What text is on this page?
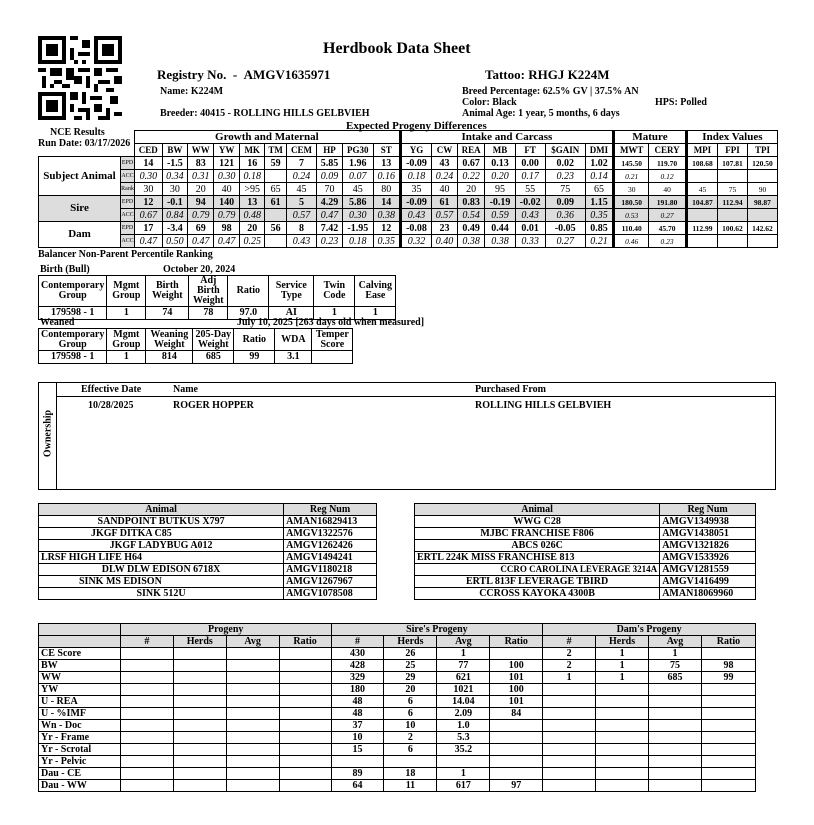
Herdbook Data Sheet
Registry No. - AMGV1635971
Name: K224M
Breeder: 40415 - ROLLING HILLS GELBVIEH
Tattoo: RHGJ K224M
Breed Percentage: 62.5% GV | 37.5% AN
Color: Black	HPS: Polled
Animal Age: 1 year, 5 months, 6 days
NCE Results
Run Date: 03/17/2026
Expected Progeny Differences
		Growth and Maternal										Intake and Carcass							Mature		Index Values		
		CED	BW	WW	YW	MK	TM	CEM	HP	PG30	ST	YG	CW	REA	MB	FT	$GAIN	DMI	MWT	CERY	MPI	FPI	TPI
Subject Animal	EPD	14	-1.5	83	121	16	59	7	5.85	1.96	13	-0.09	43	0.67	0.13	0.00	0.02	1.02	145.50	119.70	108.68	107.81	120.50
	ACC	0.30	0.34	0.31	0.30	0.18		0.24	0.09	0.07	0.16	0.18	0.24	0.22	0.20	0.17	0.23	0.14	0.21	0.12			
	Rank	30	30	20	40	>95	65	45	70	45	80	35	40	20	95	55	75	65	30	40	45	75	90
Sire	EPD	12	-0.1	94	140	13	61	5	4.29	5.86	14	-0.09	61	0.83	-0.19	-0.02	0.09	1.15	180.50	191.80	104.87	112.94	98.87
	ACC	0.67	0.84	0.79	0.79	0.48		0.57	0.47	0.30	0.38	0.43	0.57	0.54	0.59	0.43	0.36	0.35	0.53	0.27			
Dam	EPD	17	-3.4	69	98	20	56	8	7.42	-1.95	12	-0.08	23	0.49	0.44	0.01	-0.05	0.85	110.40	45.70	112.99	100.62	142.62
	ACC	0.47	0.50	0.47	0.47	0.25		0.43	0.23	0.18	0.35	0.32	0.40	0.38	0.38	0.33	0.27	0.21	0.46	0.23			
Balancer Non-Parent Percentile Ranking
Birth (Bull)	October 20, 2024
Contemporary Group	Mgmt Group	Birth Weight	Adj Birth Weight	Ratio	Service Type	Twin Code	Calving Ease
179598 - 1	1	74	78	97.0	AI	1	1
Weaned	July 10, 2025 [263 days old when measured]
Contemporary Group	Mgmt Group	Weaning Weight	205-Day Weight	Ratio	WDA	Temper Score
179598 - 1	1	814	685	99	3.1	
Ownership
Effective Date	Name	Purchased From
10/28/2025	ROGER HOPPER	ROLLING HILLS GELBVIEH
Animal	Reg Num
SANDPOINT BUTKUS X797	AMAN16829413
JKGF DITKA C85	AMGV1322576
JKGF LADYBUG A012	AMGV1262426
LRSF HIGH LIFE H64	AMGV1494241
DLW DLW EDISON 6718X	AMGV1180218
SINK MS EDISON	AMGV1267967
SINK 512U	AMGV1078508
Animal	Reg Num
WWG C28	AMGV1349938
MJBC FRANCHISE F806	AMGV1438051
ABCS 026C	AMGV1321826
ERTL 224K MISS FRANCHISE 813	AMGV1533926
CCRO CAROLINA LEVERAGE 3214A	AMGV1281559
ERTL 813F LEVERAGE TBIRD	AMGV1416499
CCROSS KAYOKA 4300B	AMAN18069960
	Progeny				Sire's Progeny				Dam's Progeny			
	#	Herds	Avg	Ratio	#	Herds	Avg	Ratio	#	Herds	Avg	Ratio
CE Score					430	26	1		2	1	1	
BW					428	25	77	100	2	1	75	98
WW					329	29	621	101	1	1	685	99
YW					180	20	1021	100				
U - REA					48	6	14.04	101				
U - %IMF					48	6	2.09	84				
Wn - Doc					37	10	1.0					
Yr - Frame					10	2	5.3					
Yr - Scrotal					15	6	35.2					
Yr - Pelvic												
Dau - CE					89	18	1					
Dau - WW					64	11	617	97				
